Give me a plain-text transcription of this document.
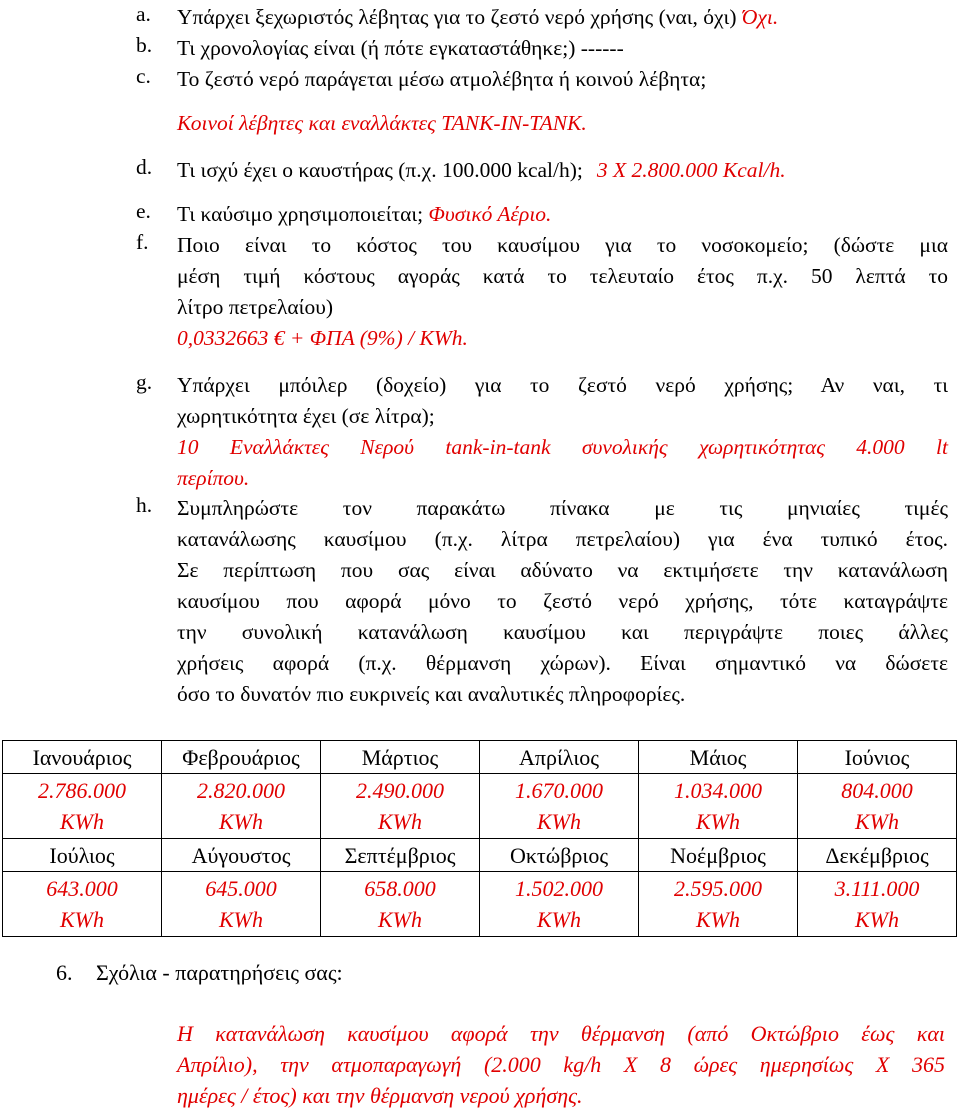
a. Υπάρχει ξεχωριστός λέβητας για το ζεστό νερό χρήσης (ναι, όχι) Όχι.
b. Τι χρονολογίας είναι (ή πότε εγκαταστάθηκε;) ------
c. Το ζεστό νερό παράγεται μέσω ατμολέβητα ή κοινού λέβητα;
Κοινοί λέβητες και εναλλάκτες TANK-IN-TANK.
d. Τι ισχύ έχει ο καυστήρας (π.χ. 100.000 kcal/h); 3 Χ 2.800.000 Kcal/h.
e. Τι καύσιμο χρησιμοποιείται; Φυσικό Αέριο.
f. Ποιο είναι το κόστος του καυσίμου για το νοσοκομείο; (δώστε μια
μέση τιμή κόστους αγοράς κατά το τελευταίο έτος π.χ. 50 λεπτά το
λίτρο πετρελαίου)
0,0332663 € + ΦΠΑ (9%) / KWh.
g. Υπάρχει μπόιλερ (δοχείο) για το ζεστό νερό χρήσης; Αν ναι, τι
χωρητικότητα έχει (σε λίτρα);
10 Εναλλάκτες Νερού tank-in-tank συνολικής χωρητικότητας 4.000 lt
περίπου.
h. Συμπληρώστε τον παρακάτω πίνακα με τις μηνιαίες τιμές
κατανάλωσης καυσίμου (π.χ. λίτρα πετρελαίου) για ένα τυπικό έτος.
Σε περίπτωση που σας είναι αδύνατο να εκτιμήσετε την κατανάλωση
καυσίμου που αφορά μόνο το ζεστό νερό χρήσης, τότε καταγράψτε
την συνολική κατανάλωση καυσίμου και περιγράψτε ποιες άλλες
χρήσεις αφορά (π.χ. θέρμανση χώρων). Είναι σημαντικό να δώσετε
όσο το δυνατόν πιο ευκρινείς και αναλυτικές πληροφορίες.
Ιανουάριος	Φεβρουάριος	Μάρτιος	Απρίλιος	Μάιος	Ιούνιος

2.786.000
KWh	2.820.000
KWh	2.490.000
KWh	1.670.000
KWh	1.034.000
KWh	804.000
KWh

Ιούλιος	Αύγουστος	Σεπτέμβριος	Οκτώβριος	Νοέμβριος	Δεκέμβριος

643.000
KWh	645.000
KWh	658.000
KWh	1.502.000
KWh	2.595.000
KWh	3.111.000
KWh
6. Σχόλια - παρατηρήσεις σας:
Η κατανάλωση καυσίμου αφορά την θέρμανση (από Οκτώβριο έως και
Απρίλιο), την ατμοπαραγωγή (2.000 kg/h Χ 8 ώρες ημερησίως Χ 365
ημέρες / έτος) και την θέρμανση νερού χρήσης.
